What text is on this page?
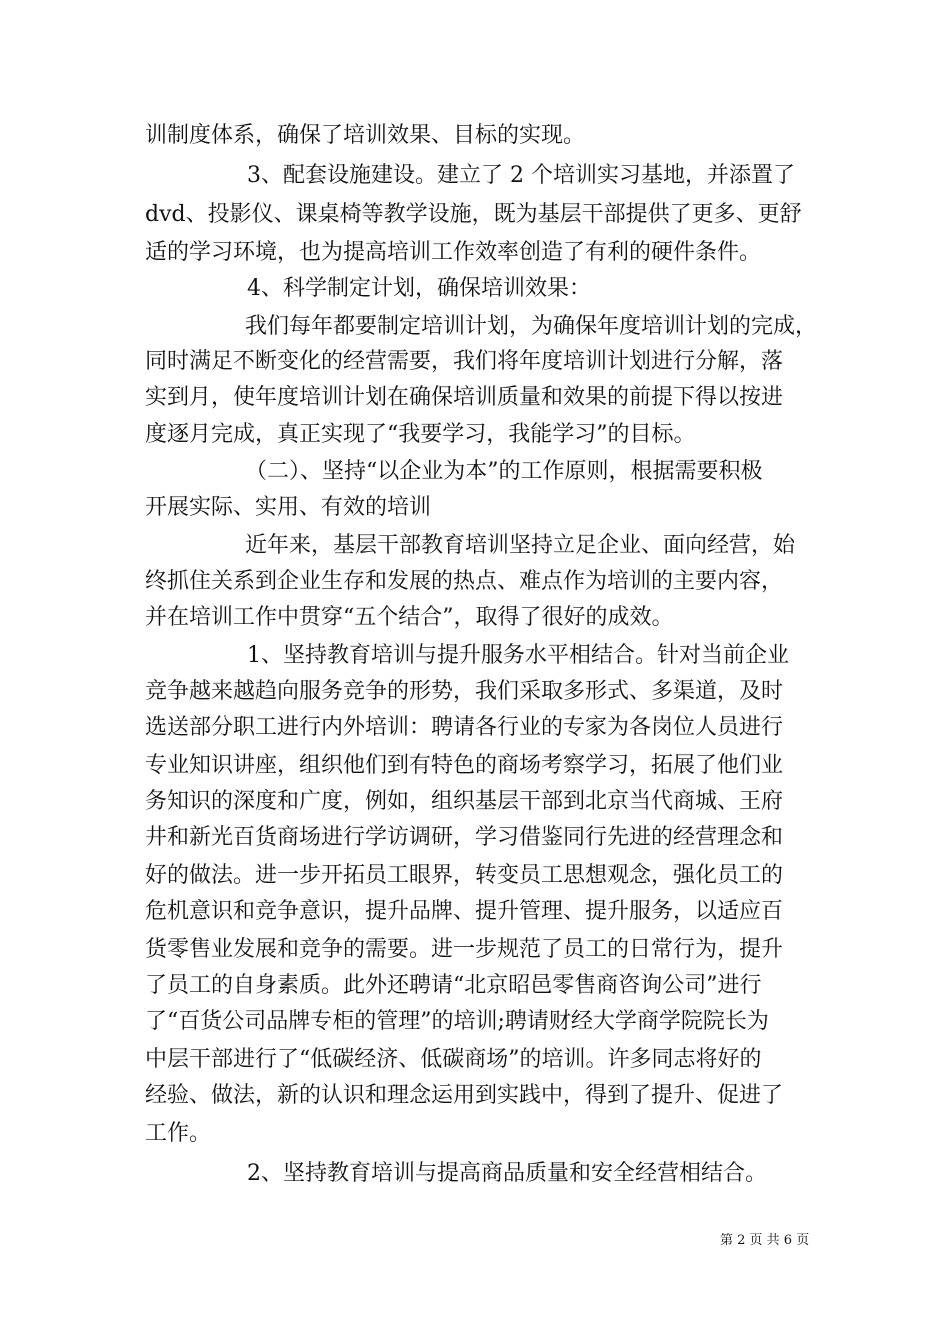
训制度体系，确保了培训效果、目标的实现。
3、配套设施建设。建立了 2 个培训实习基地，并添置了
dvd、投影仪、课桌椅等教学设施，既为基层干部提供了更多、更舒
适的学习环境，也为提高培训工作效率创造了有利的硬件条件。
4、科学制定计划，确保培训效果：
我们每年都要制定培训计划，为确保年度培训计划的完成，
同时满足不断变化的经营需要，我们将年度培训计划进行分解，落
实到月，使年度培训计划在确保培训质量和效果的前提下得以按进
度逐月完成，真正实现了“我要学习，我能学习”的目标。
（二）、坚持“以企业为本”的工作原则，根据需要积极
开展实际、实用、有效的培训
近年来，基层干部教育培训坚持立足企业、面向经营，始
终抓住关系到企业生存和发展的热点、难点作为培训的主要内容，
并在培训工作中贯穿“五个结合”，取得了很好的成效。
1、坚持教育培训与提升服务水平相结合。针对当前企业
竞争越来越趋向服务竞争的形势，我们采取多形式、多渠道，及时
选送部分职工进行内外培训：聘请各行业的专家为各岗位人员进行
专业知识讲座，组织他们到有特色的商场考察学习，拓展了他们业
务知识的深度和广度，例如，组织基层干部到北京当代商城、王府
井和新光百货商场进行学访调研，学习借鉴同行先进的经营理念和
好的做法。进一步开拓员工眼界，转变员工思想观念，强化员工的
危机意识和竞争意识，提升品牌、提升管理、提升服务，以适应百
货零售业发展和竞争的需要。进一步规范了员工的日常行为，提升
了员工的自身素质。此外还聘请“北京昭邑零售商咨询公司”进行
了“百货公司品牌专柜的管理”的培训;聘请财经大学商学院院长为
中层干部进行了“低碳经济、低碳商场”的培训。许多同志将好的
经验、做法，新的认识和理念运用到实践中，得到了提升、促进了
工作。
2、坚持教育培训与提高商品质量和安全经营相结合。
第 2 页 共 6 页
